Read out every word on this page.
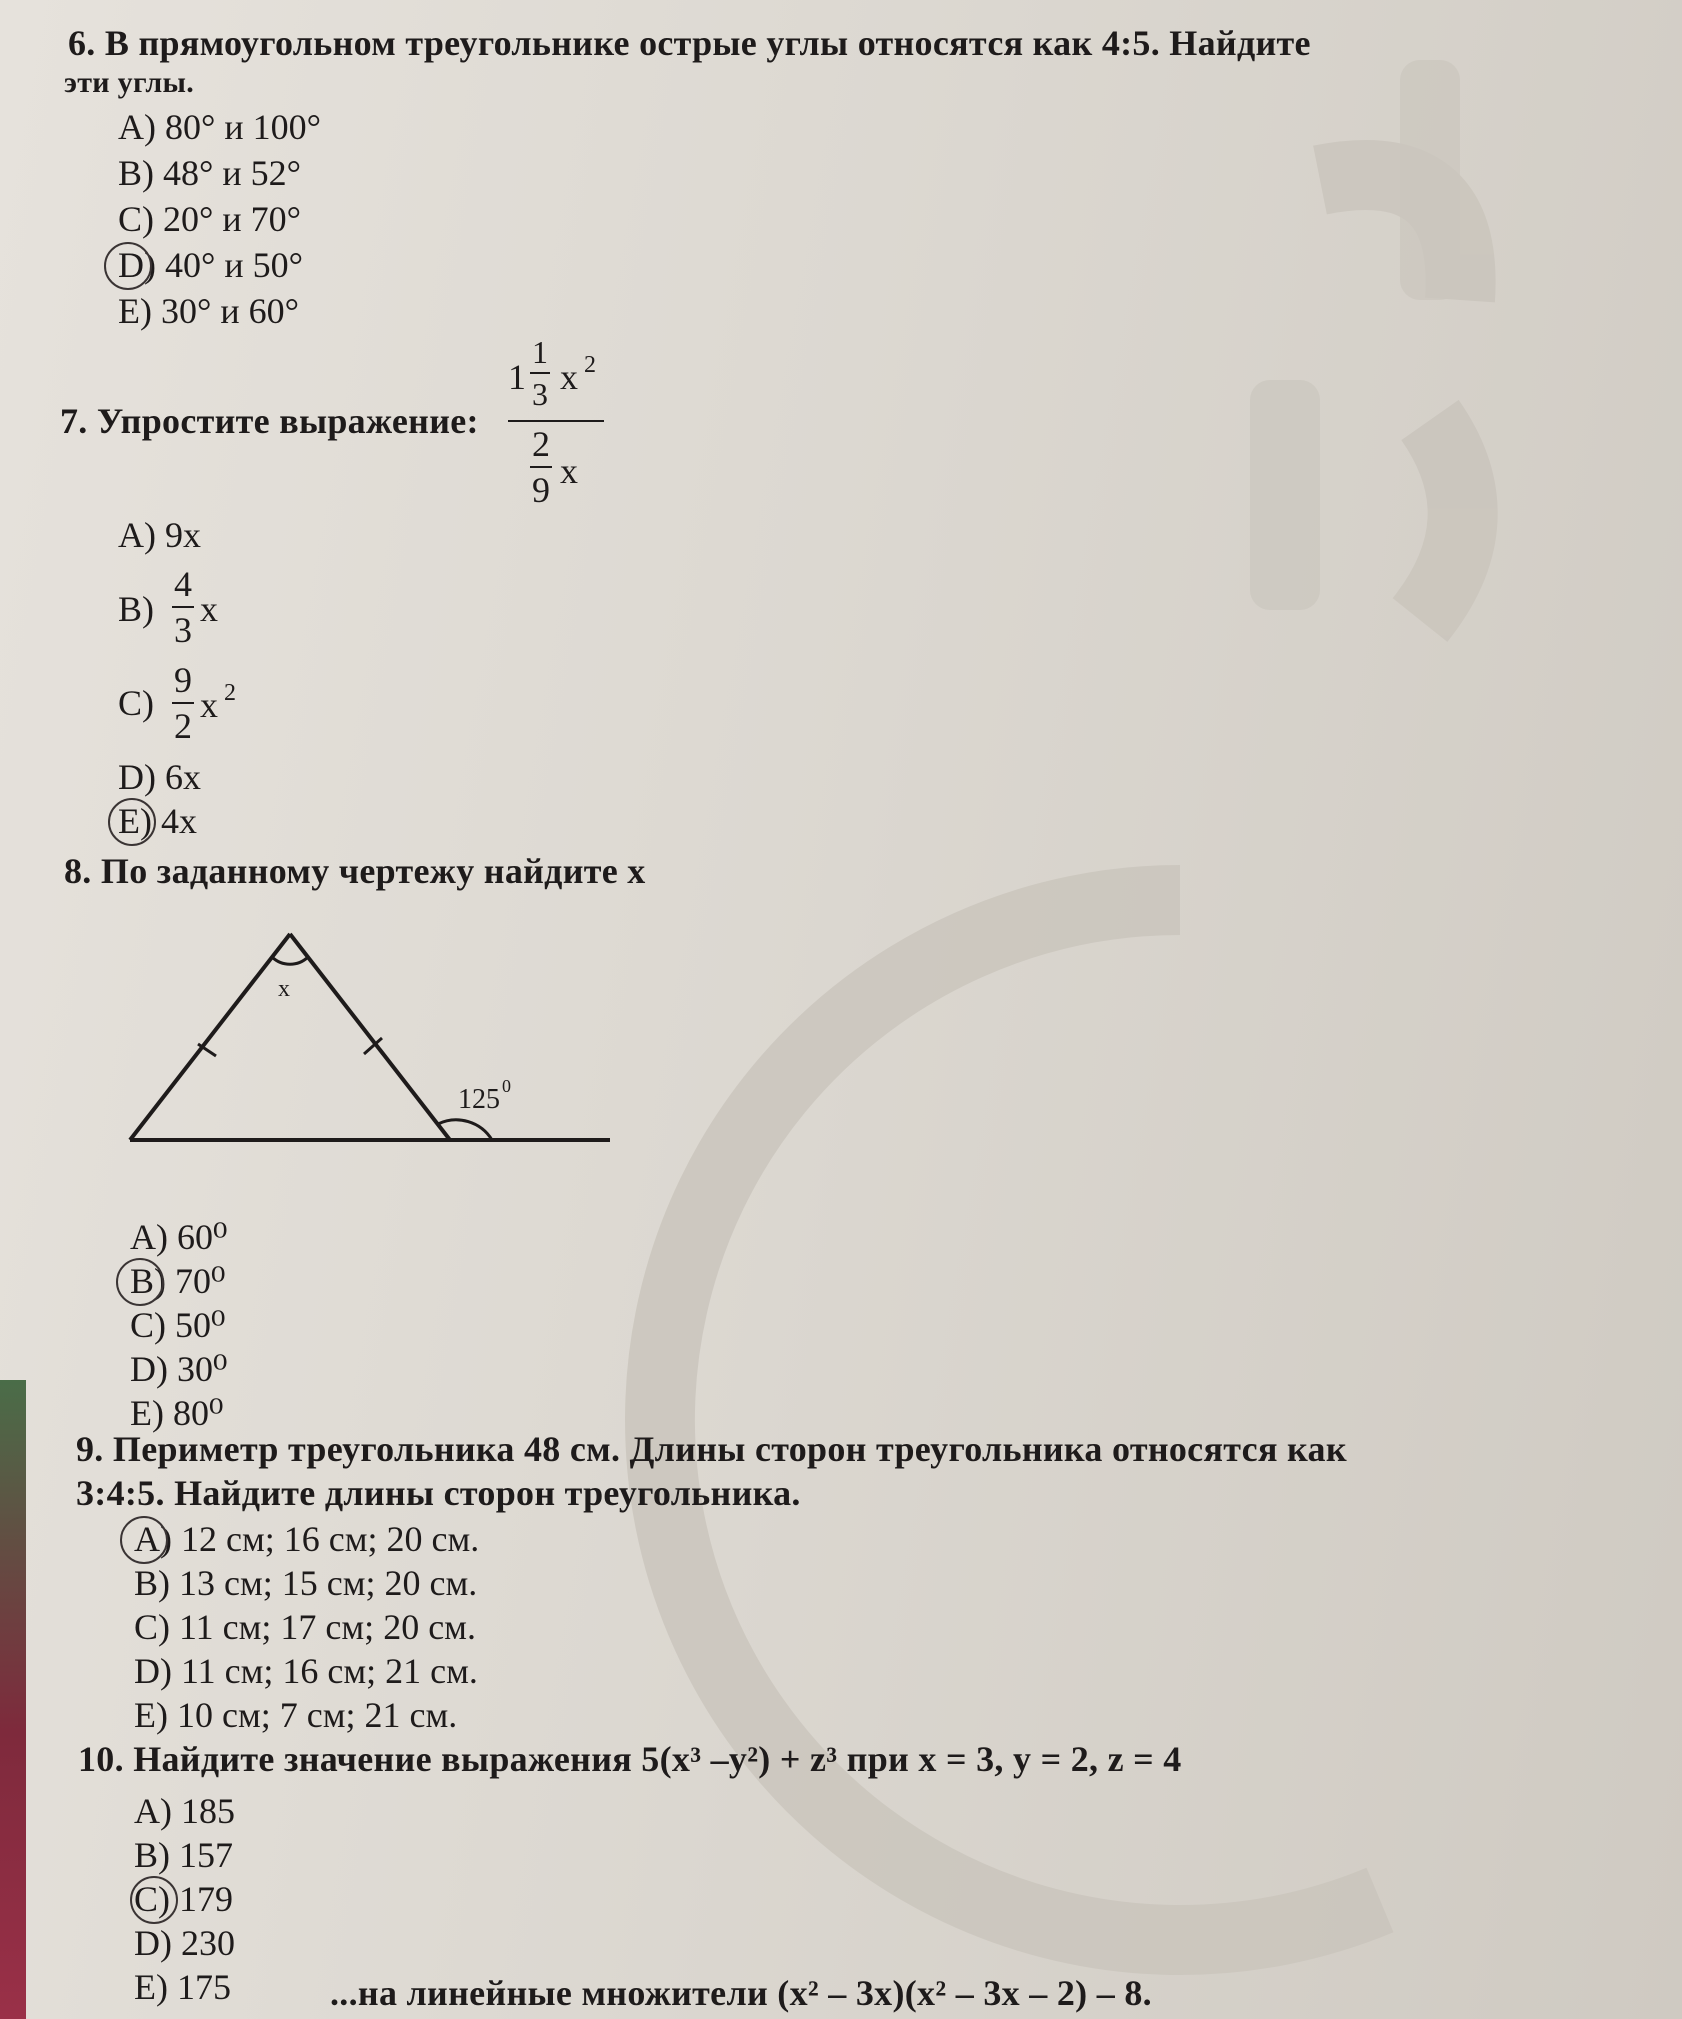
6. В прямоугольном треугольнике острые углы относятся как 4:5. Найдите
эти углы.
A) 80° и 100°
B) 48° и 52°
C) 20° и 70°
D) 40° и 50°
E) 30° и 60°
7. Упростите выражение:
$1 \frac{1}{3}$ x 2
$\frac{2}{9}$ x
A) 9x
$B) \frac{4}{3}$ x
$C) \frac{9}{2}$ x 2
D) 6x
E) 4x
8. По заданному чертежу найдите x
x
125 0
A) 60⁰
B) 70⁰
C) 50⁰
D) 30⁰
E) 80⁰
9. Периметр треугольника 48 см. Длины сторон треугольника относятся как
3:4:5. Найдите длины сторон треугольника.
A) 12 см; 16 см; 20 см.
B) 13 см; 15 см; 20 см.
C) 11 см; 17 см; 20 см.
D) 11 см; 16 см; 21 см.
E) 10 см; 7 см; 21 см.
10. Найдите значение выражения 5(x³ –y²) + z³ при x = 3, y = 2, z = 4
A) 185
B) 157
C) 179
D) 230
E) 175	...на линейные множители (x² – 3x)(x² – 3x – 2) – 8.
